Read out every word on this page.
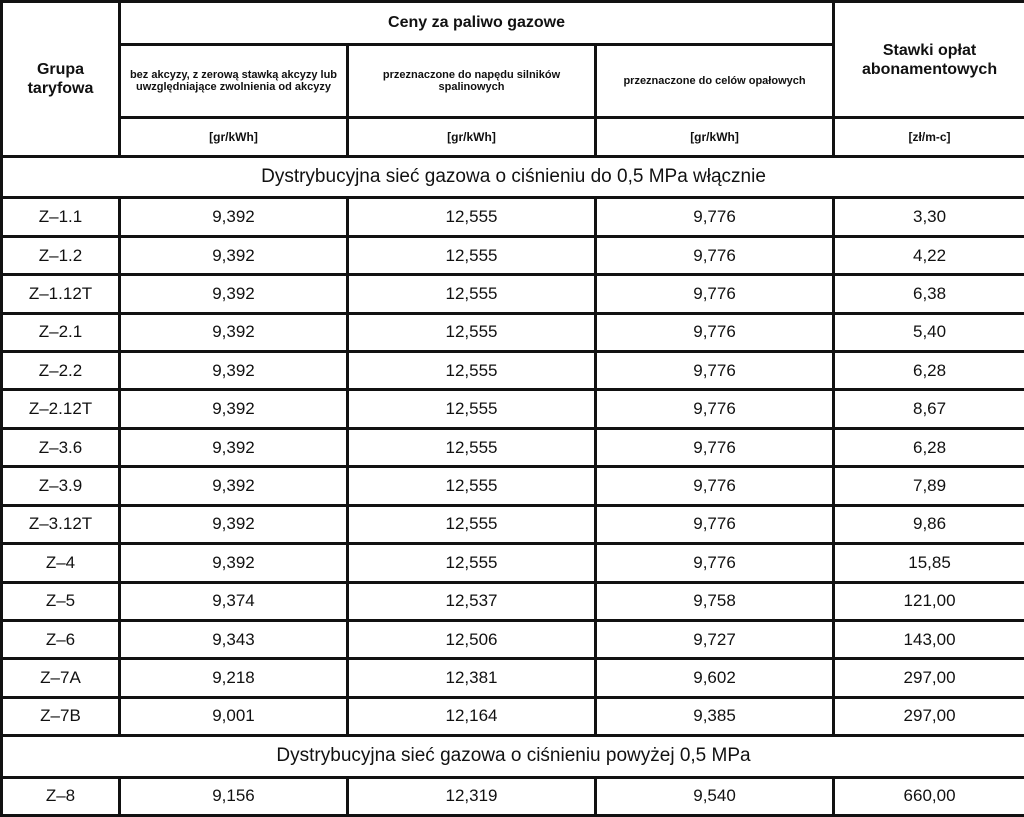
Grupa taryfowa	Ceny za paliwo gazowe			Stawki opłat abonamentowych
	bez akcyzy, z zerową stawką akcyzy lub uwzględniające zwolnienia od akcyzy	przeznaczone do napędu silników spalinowych	przeznaczone do celów opałowych	
	[gr/kWh]	[gr/kWh]	[gr/kWh]	[zł/m-c]
Dystrybucyjna sieć gazowa o ciśnieniu do 0,5 MPa włącznie				
Z–1.1	9,392	12,555	9,776	3,30
Z–1.2	9,392	12,555	9,776	4,22
Z–1.12T	9,392	12,555	9,776	6,38
Z–2.1	9,392	12,555	9,776	5,40
Z–2.2	9,392	12,555	9,776	6,28
Z–2.12T	9,392	12,555	9,776	8,67
Z–3.6	9,392	12,555	9,776	6,28
Z–3.9	9,392	12,555	9,776	7,89
Z–3.12T	9,392	12,555	9,776	9,86
Z–4	9,392	12,555	9,776	15,85
Z–5	9,374	12,537	9,758	121,00
Z–6	9,343	12,506	9,727	143,00
Z–7A	9,218	12,381	9,602	297,00
Z–7B	9,001	12,164	9,385	297,00
Dystrybucyjna sieć gazowa o ciśnieniu powyżej 0,5 MPa				
Z–8	9,156	12,319	9,540	660,00
